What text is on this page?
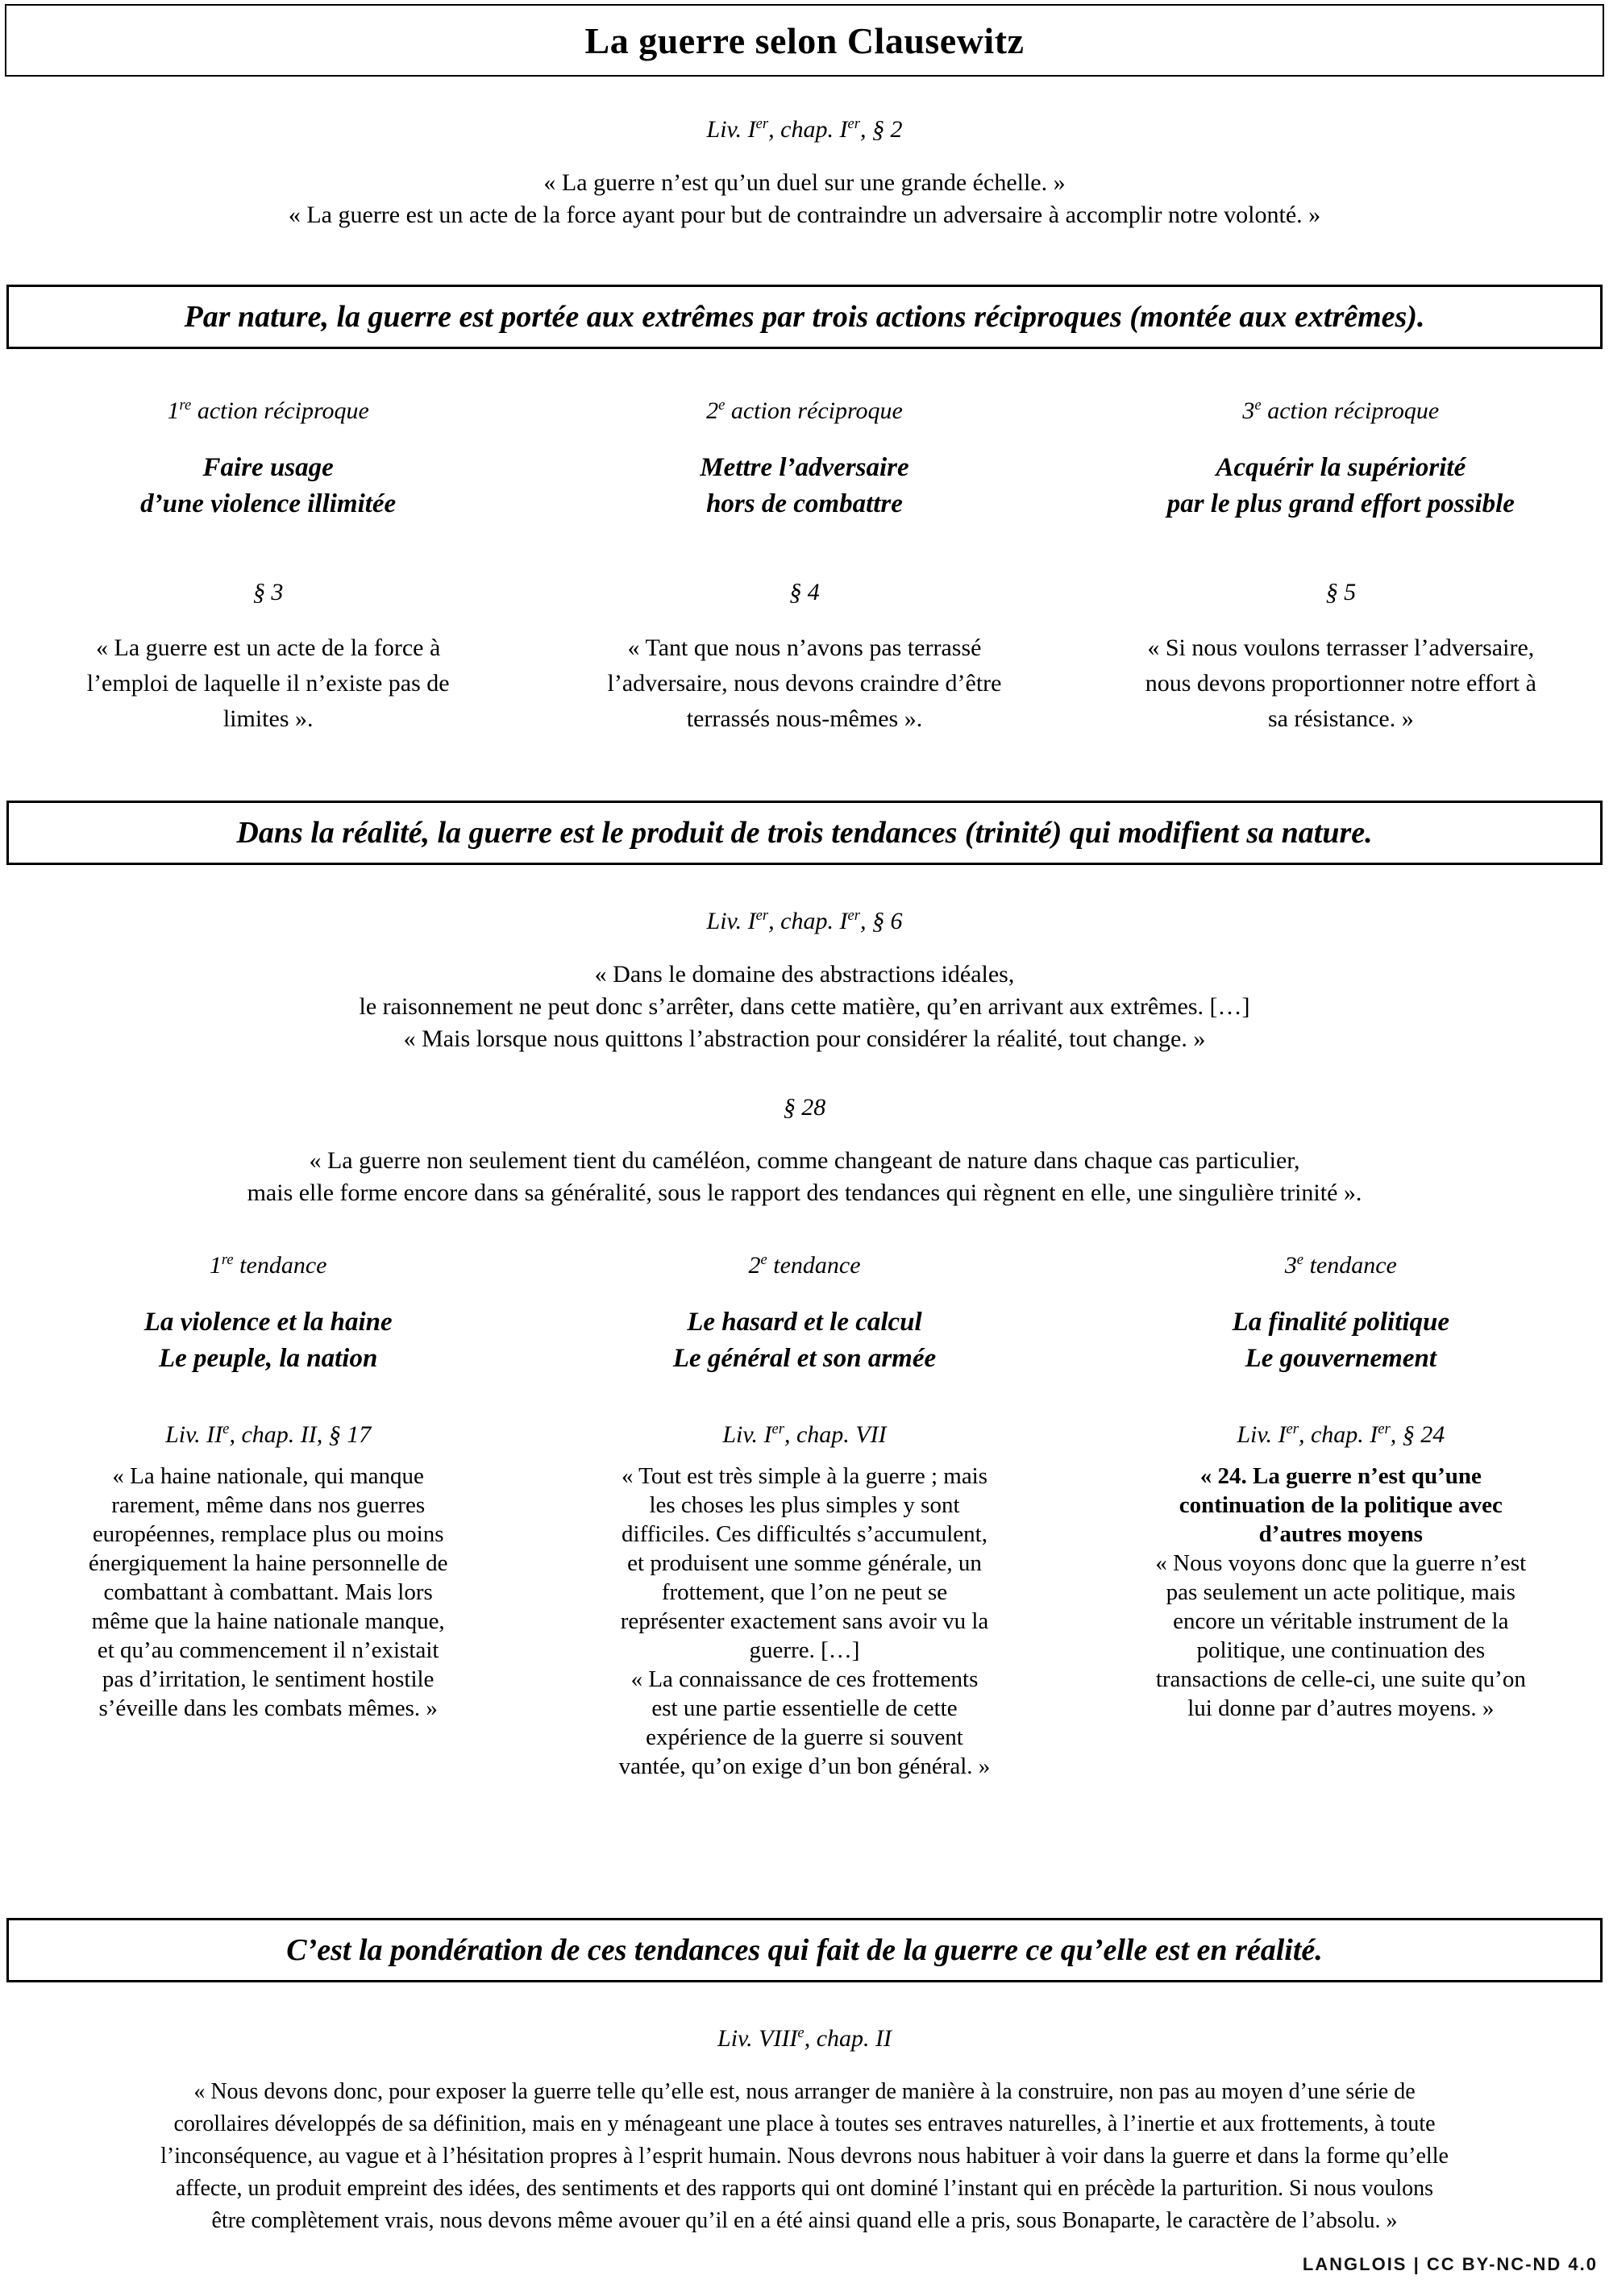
La guerre selon Clausewitz
Liv. Ier, chap. Ier, § 2
« La guerre n’est qu’un duel sur une grande échelle. »
« La guerre est un acte de la force ayant pour but de contraindre un adversaire à accomplir notre volonté. »
Par nature, la guerre est portée aux extrêmes par trois actions réciproques (montée aux extrêmes).
1re action réciproque
Faire usage
d’une violence illimitée
2e action réciproque
Mettre l’adversaire
hors de combattre
3e action réciproque
Acquérir la supériorité
par le plus grand effort possible
§ 3
« La guerre est un acte de la force à
l’emploi de laquelle il n’existe pas de
limites ».
§ 4
« Tant que nous n’avons pas terrassé
l’adversaire, nous devons craindre d’être
terrassés nous-mêmes ».
§ 5
« Si nous voulons terrasser l’adversaire,
nous devons proportionner notre effort à
sa résistance. »
Dans la réalité, la guerre est le produit de trois tendances (trinité) qui modifient sa nature.
Liv. Ier, chap. Ier, § 6
« Dans le domaine des abstractions idéales,
le raisonnement ne peut donc s’arrêter, dans cette matière, qu’en arrivant aux extrêmes. […]
« Mais lorsque nous quittons l’abstraction pour considérer la réalité, tout change. »
§ 28
« La guerre non seulement tient du caméléon, comme changeant de nature dans chaque cas particulier,
mais elle forme encore dans sa généralité, sous le rapport des tendances qui règnent en elle, une singulière trinité ».
1re tendance
La violence et la haine
Le peuple, la nation
2e tendance
Le hasard et le calcul
Le général et son armée
3e tendance
La finalité politique
Le gouvernement
Liv. IIe, chap. II, § 17	Liv. Ier, chap. VII	Liv. Ier, chap. Ier, § 24
« La haine nationale, qui manque
rarement, même dans nos guerres
européennes, remplace plus ou moins
énergiquement la haine personnelle de
combattant à combattant. Mais lors
même que la haine nationale manque,
et qu’au commencement il n’existait
pas d’irritation, le sentiment hostile
s’éveille dans les combats mêmes. »
« Tout est très simple à la guerre ; mais
les choses les plus simples y sont
difficiles. Ces difficultés s’accumulent,
et produisent une somme générale, un
frottement, que l’on ne peut se
représenter exactement sans avoir vu la
guerre. […]
« La connaissance de ces frottements
est une partie essentielle de cette
expérience de la guerre si souvent
vantée, qu’on exige d’un bon général. »
« 24. La guerre n’est qu’une
continuation de la politique avec
d’autres moyens
« Nous voyons donc que la guerre n’est
pas seulement un acte politique, mais
encore un véritable instrument de la
politique, une continuation des
transactions de celle-ci, une suite qu’on
lui donne par d’autres moyens. »
C’est la pondération de ces tendances qui fait de la guerre ce qu’elle est en réalité.
Liv. VIIIe, chap. II
« Nous devons donc, pour exposer la guerre telle qu’elle est, nous arranger de manière à la construire, non pas au moyen d’une série de
corollaires développés de sa définition, mais en y ménageant une place à toutes ses entraves naturelles, à l’inertie et aux frottements, à toute
l’inconséquence, au vague et à l’hésitation propres à l’esprit humain. Nous devrons nous habituer à voir dans la guerre et dans la forme qu’elle
affecte, un produit empreint des idées, des sentiments et des rapports qui ont dominé l’instant qui en précède la parturition. Si nous voulons
être complètement vrais, nous devons même avouer qu’il en a été ainsi quand elle a pris, sous Bonaparte, le caractère de l’absolu. »
LANGLOIS | CC BY-NC-ND 4.0
